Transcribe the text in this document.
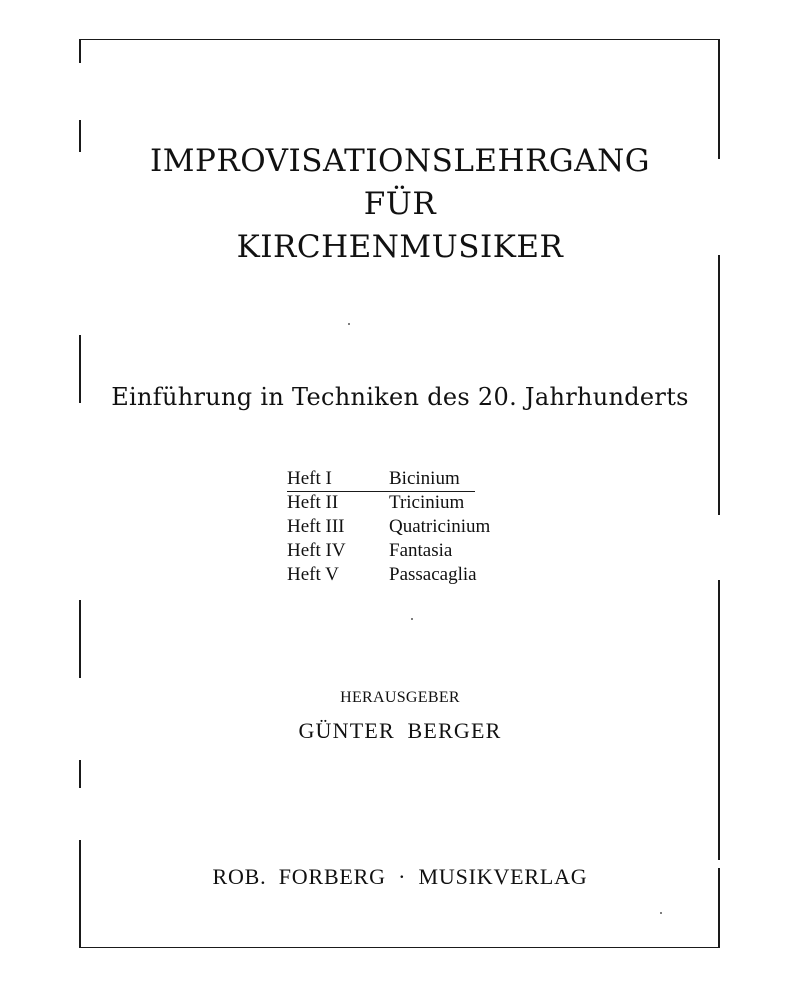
IMPROVISATIONSLEHRGANG
FÜR
KIRCHENMUSIKER
Einführung in Techniken des 20. Jahrhunderts
Heft I	Bicinium
Heft II	Tricinium
Heft III	Quatricinium
Heft IV	Fantasia
Heft V	Passacaglia
HERAUSGEBER
GÜNTER BERGER
ROB. FORBERG · MUSIKVERLAG
